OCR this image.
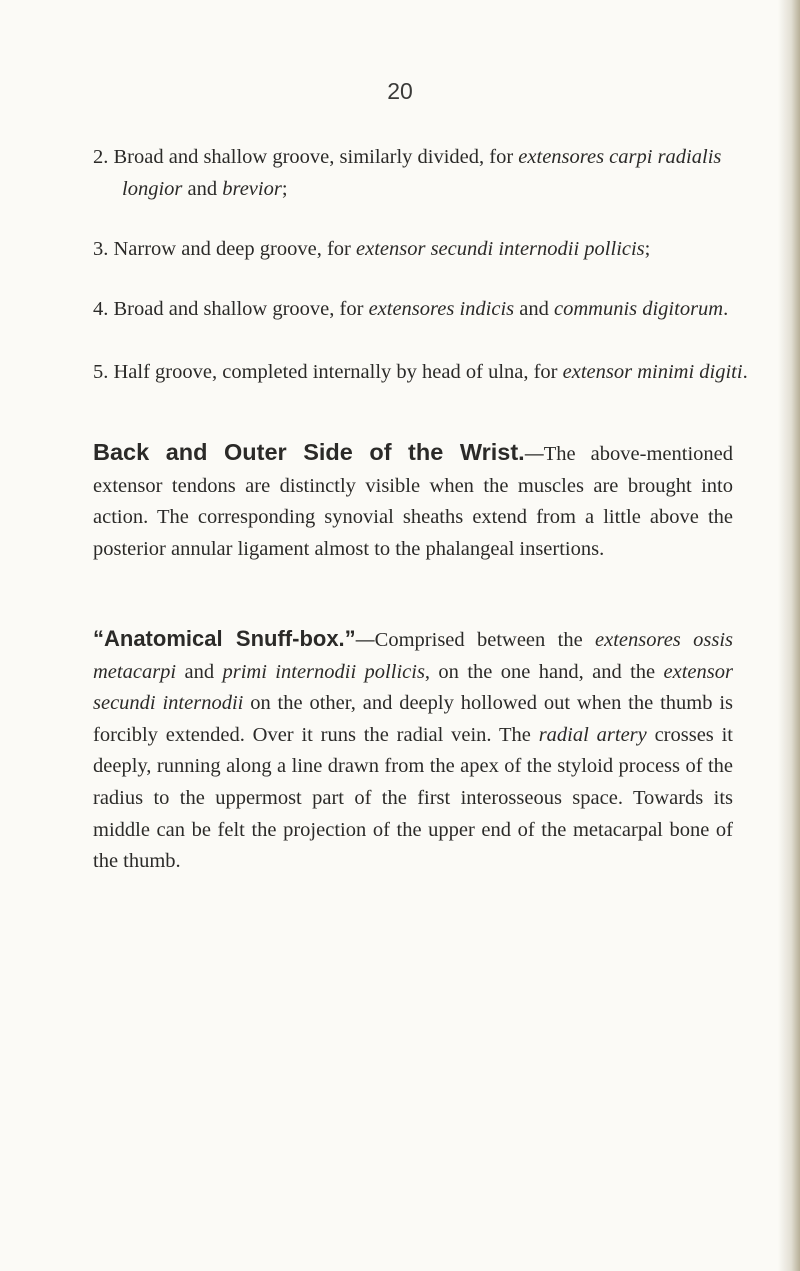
20
2. Broad and shallow groove, similarly divided, for extensores carpi radialis longior and brevior;
3. Narrow and deep groove, for extensor secundi internodii pollicis;
4. Broad and shallow groove, for extensores indicis and communis digitorum.
5. Half groove, completed internally by head of ulna, for extensor minimi digiti.
Back and Outer Side of the Wrist.—The above-mentioned extensor tendons are distinctly visible when the muscles are brought into action. The corresponding synovial sheaths extend from a little above the posterior annular ligament almost to the phalangeal insertions.
“Anatomical Snuff-box.”—Comprised between the extensores ossis metacarpi and primi internodii pollicis, on the one hand, and the extensor secundi internodii on the other, and deeply hollowed out when the thumb is forcibly extended. Over it runs the radial vein. The radial artery crosses it deeply, running along a line drawn from the apex of the styloid process of the radius to the uppermost part of the first interosseous space. Towards its middle can be felt the projection of the upper end of the metacarpal bone of the thumb.
